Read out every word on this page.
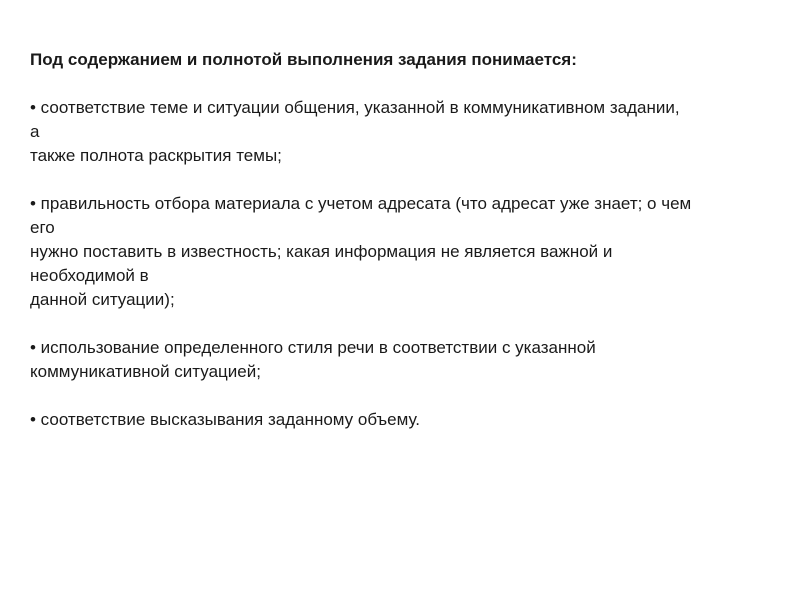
Под содержанием и полнотой выполнения задания понимается:
• соответствие теме и ситуации общения, указанной в коммуникативном задании,
а
также полнота раскрытия темы;
• правильность отбора материала с учетом адресата (что адресат уже знает; о чем
его
нужно поставить в известность; какая информация не является важной и
необходимой в
данной ситуации);
• использование определенного стиля речи в соответствии с указанной
коммуникативной ситуацией;
• соответствие высказывания заданному объему.
